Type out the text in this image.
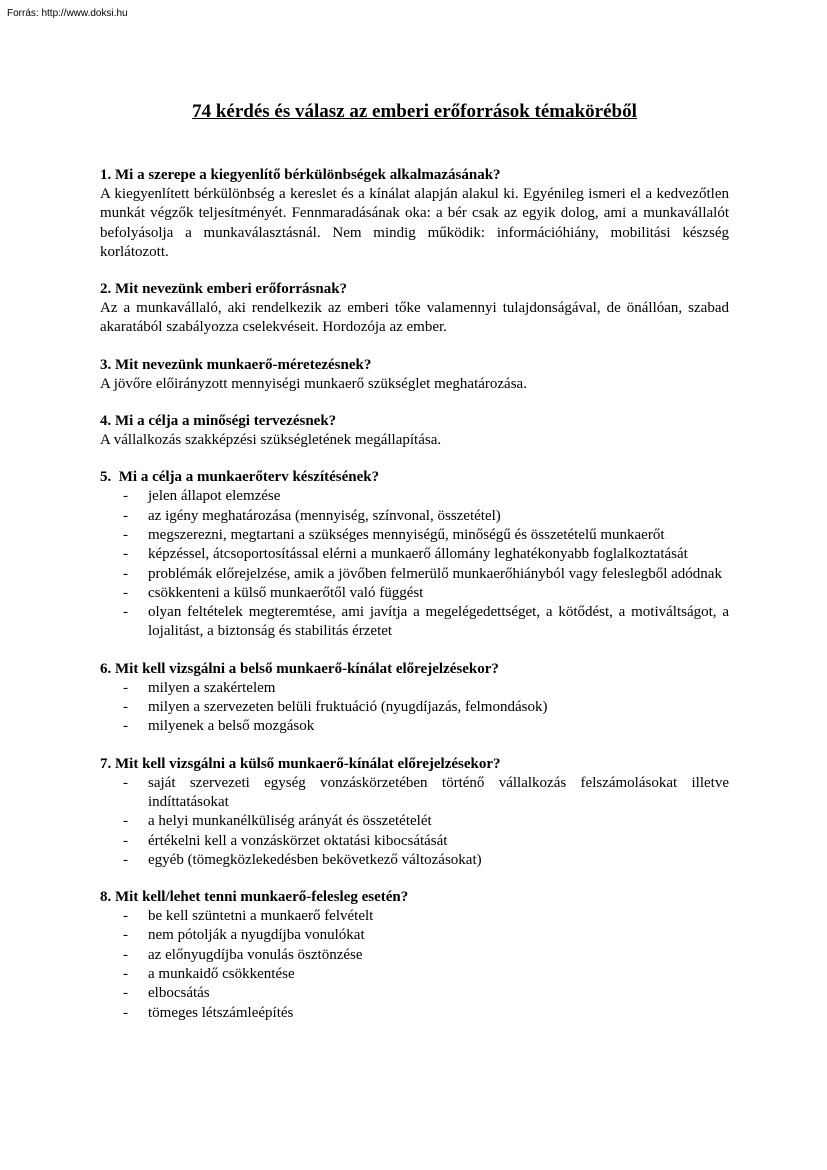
Forrás: http://www.doksi.hu

74 kérdés és válasz az emberi erőforrások témaköréből

1. Mi a szerepe a kiegyenlítő bérkülönbségek alkalmazásának?

A kiegyenlített bérkülönbség a kereslet és a kínálat alapján alakul ki. Egyénileg ismeri el a kedvezőtlen munkát végzők teljesítményét. Fennmaradásának oka: a bér csak az egyik dolog, ami a munkavállalót befolyásolja a munkaválasztásnál. Nem mindig működik: információhiány, mobilitási készség korlátozott.

2. Mit nevezünk emberi erőforrásnak?

Az a munkavállaló, aki rendelkezik az emberi tőke valamennyi tulajdonságával, de önállóan, szabad akaratából szabályozza cselekvéseit. Hordozója az ember.

3. Mit nevezünk munkaerő-méretezésnek?

A jövőre előirányzott mennyiségi munkaerő szükséglet meghatározása.

4. Mi a célja a minőségi tervezésnek?

A vállalkozás szakképzési szükségletének megállapítása.

5.  Mi a célja a munkaerőterv készítésének?

- jelen állapot elemzése
- az igény meghatározása (mennyiség, színvonal, összetétel)
- megszerezni, megtartani a szükséges mennyiségű, minőségű és összetételű munkaerőt
- képzéssel, átcsoportosítással elérni a munkaerő állomány leghatékonyabb foglalkoztatását
- problémák előrejelzése, amik a jövőben felmerülő munkaerőhiányból vagy feleslegből adódnak
- csökkenteni a külső munkaerőtől való függést
- olyan feltételek megteremtése, ami javítja a megelégedettséget, a kötődést, a motiváltságot, a lojalitást, a biztonság és stabilitás érzetet

6. Mit kell vizsgálni a belső munkaerő-kínálat előrejelzésekor?

- milyen a szakértelem
- milyen a szervezeten belüli fruktuáció (nyugdíjazás, felmondások)
- milyenek a belső mozgások

7. Mit kell vizsgálni a külső munkaerő-kínálat előrejelzésekor?

- saját szervezeti egység vonzáskörzetében történő vállalkozás felszámolásokat illetve indíttatásokat
- a helyi munkanélküliség arányát és összetételét
- értékelni kell a vonzáskörzet oktatási kibocsátását
- egyéb (tömegközlekedésben bekövetkező változásokat)

8. Mit kell/lehet tenni munkaerő-felesleg esetén?

- be kell szüntetni a munkaerő felvételt
- nem pótolják a nyugdíjba vonulókat
- az előnyugdíjba vonulás ösztönzése
- a munkaidő csökkentése
- elbocsátás
- tömeges létszámleépítés
